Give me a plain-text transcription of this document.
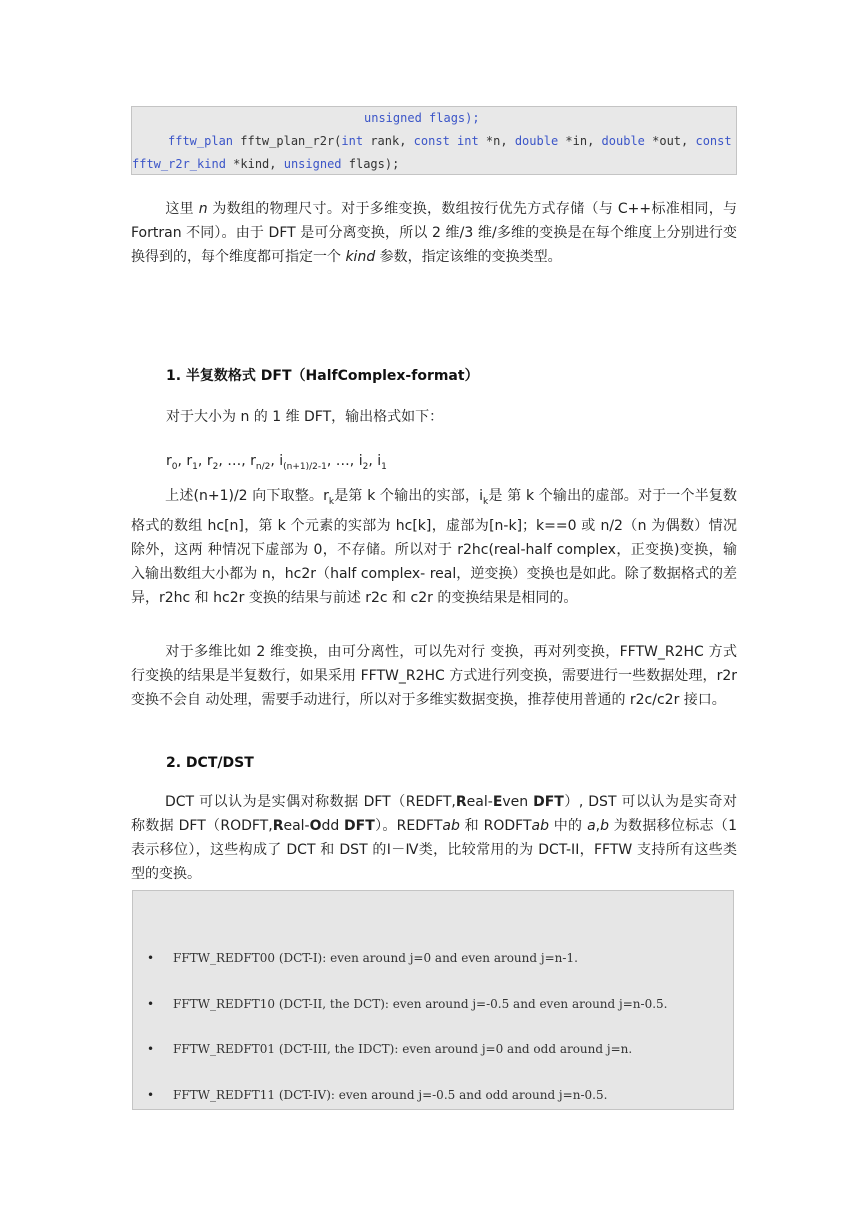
unsigned flags);
fftw_plan fftw_plan_r2r(int rank, const int *n, double *in, double *out, const
fftw_r2r_kind *kind, unsigned flags);

这里 n 为数组的物理尺寸。对于多维变换，数组按行优先方式存储（与 C++标准相同，与 Fortran 不同）。由于 DFT 是可分离变换，所以 2 维/3 维/多维的变换是在每个维度上分别进行变换得到的，每个维度都可指定一个 kind 参数，指定该维的变换类型。

1. 半复数格式 DFT（HalfComplex-format）

对于大小为 n 的 1 维 DFT，输出格式如下：
$r_0$, $r_1$, $r_2$, …, $r_{n/2}$, $i_{(n+1)/2-1}$, …, $i_2$, $i_1$

上述(n+1)/2 向下取整。$r_k$是第 k 个输出的实部，$i_k$是 第 k 个输出的虚部。对于一个半复数格式的数组 hc[n]，第 k 个元素的实部为 hc[k]，虚部为[n-k]；k==0 或 n/2（n 为偶数）情况除外，这两 种情况下虚部为 0，不存储。所以对于 r2hc(real-half complex，正变换)变换，输入输出数组大小都为 n，hc2r（half complex- real，逆变换）变换也是如此。除了数据格式的差异，r2hc 和 hc2r 变换的结果与前述 r2c 和 c2r 的变换结果是相同的。

对于多维比如 2 维变换，由可分离性，可以先对行 变换，再对列变换，FFTW_R2HC 方式行变换的结果是半复数行，如果采用 FFTW_R2HC 方式进行列变换，需要进行一些数据处理，r2r 变换不会自 动处理，需要手动进行，所以对于多维实数据变换，推荐使用普通的 r2c/c2r 接口。

2. DCT/DST

DCT 可以认为是实偶对称数据 DFT（REDFT,Real-Even DFT）, DST 可以认为是实奇对称数据 DFT（RODFT,Real-Odd DFT）。REDFTab 和 RODFTab 中的 a,b 为数据移位标志（1 表示移位），这些构成了 DCT 和 DST 的Ⅰ－Ⅳ类，比较常用的为 DCT-II，FFTW 支持所有这些类型的变换。

• FFTW_REDFT00 (DCT-I): even around j=0 and even around j=n-1.
• FFTW_REDFT10 (DCT-II, the DCT): even around j=-0.5 and even around j=n-0.5.
• FFTW_REDFT01 (DCT-III, the IDCT): even around j=0 and odd around j=n.
• FFTW_REDFT11 (DCT-IV): even around j=-0.5 and odd around j=n-0.5.
